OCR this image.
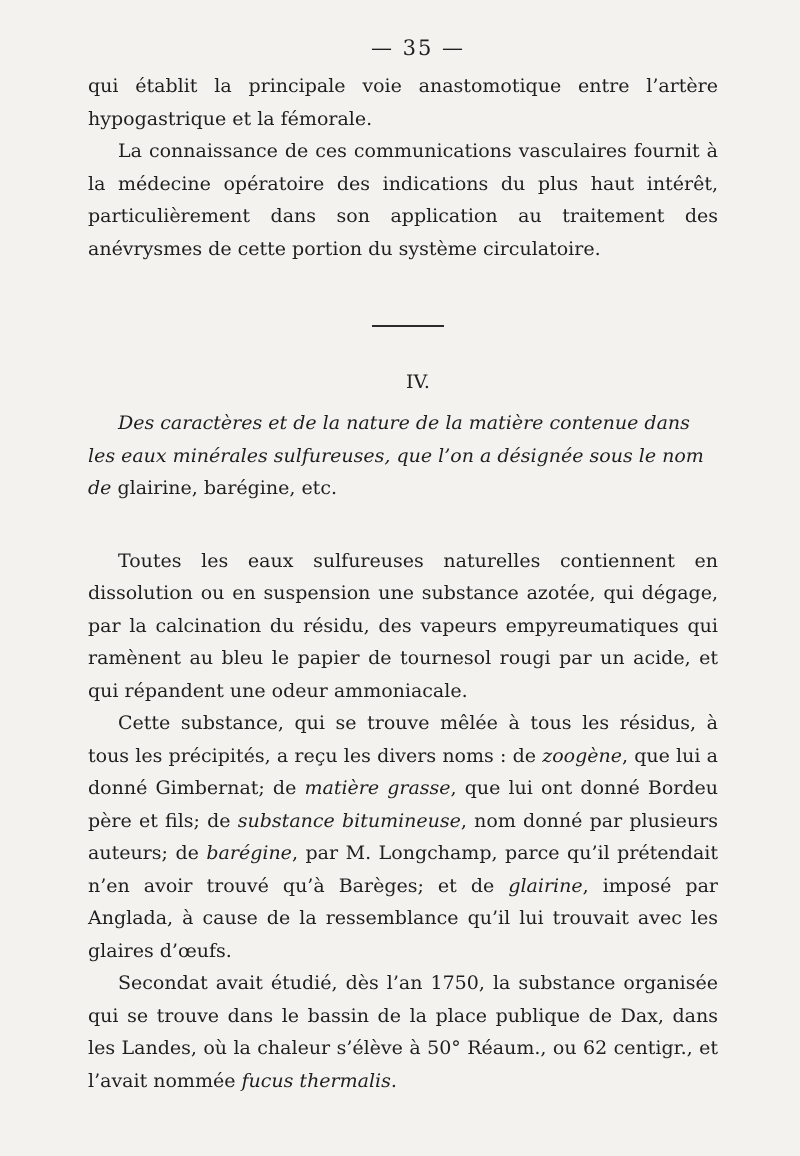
— 35 —

qui établit la principale voie anastomotique entre l’artère hypogastrique et la fémorale.

La connaissance de ces communications vasculaires fournit à la médecine opératoire des indications du plus haut intérêt, particulièrement dans son application au traitement des anévrysmes de cette portion du système circulatoire.

IV.

Des caractères et de la nature de la matière contenue dans les eaux minérales sulfureuses, que l’on a désignée sous le nom de glairine, barégine, etc.

Toutes les eaux sulfureuses naturelles contiennent en dissolution ou en suspension une substance azotée, qui dégage, par la calcination du résidu, des vapeurs empyreumatiques qui ramènent au bleu le papier de tournesol rougi par un acide, et qui répandent une odeur ammoniacale.

Cette substance, qui se trouve mêlée à tous les résidus, à tous les précipités, a reçu les divers noms : de zoogène, que lui a donné Gimbernat; de matière grasse, que lui ont donné Bordeu père et fils; de substance bitumineuse, nom donné par plusieurs auteurs; de barégine, par M. Longchamp, parce qu’il prétendait n’en avoir trouvé qu’à Barèges; et de glairine, imposé par Anglada, à cause de la ressemblance qu’il lui trouvait avec les glaires d’œufs.

Secondat avait étudié, dès l’an 1750, la substance organisée qui se trouve dans le bassin de la place publique de Dax, dans les Landes, où la chaleur s’élève à 50° Réaum., ou 62 centigr., et l’avait nommée fucus thermalis.
